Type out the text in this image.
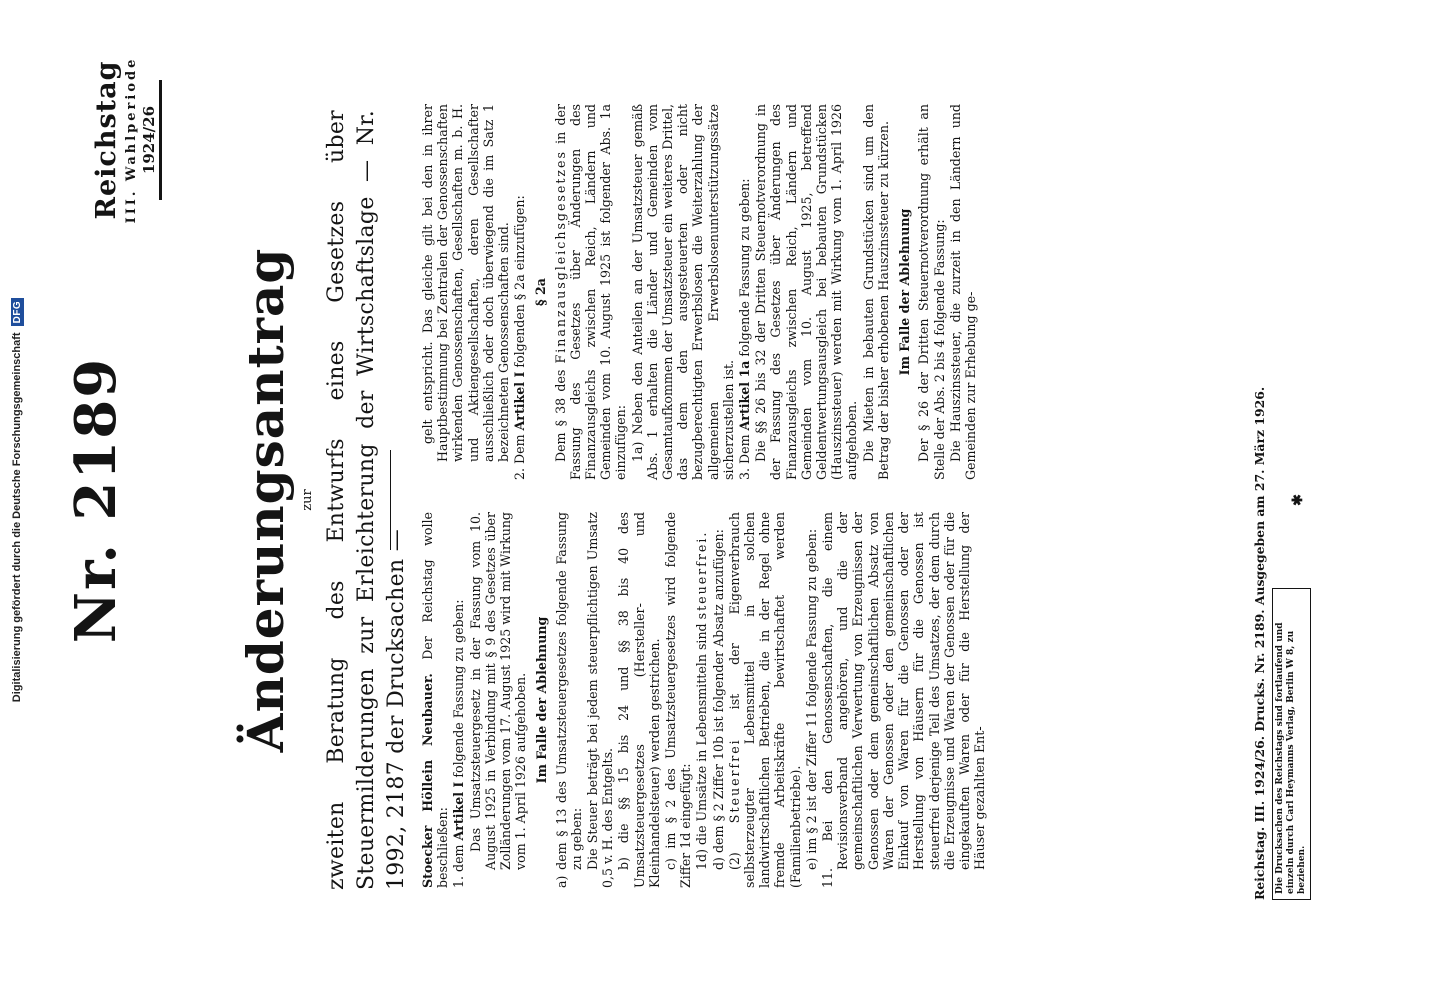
Digitalisierung gefördert durch die Deutsche Forschungsgemeinschaft
DFG
Reichstag III. Wahlperiode 1924/26
Nr. 2189 Änderungsantrag zur zweiten Beratung des Entwurfs eines Gesetzes über Steuermilderungen zur Erleichterung der Wirtschaftslage — Nr. 1992, 2187 der Drucksachen — Stoecker Höllein Neubauer. Der Reichstag wolle beschließen: 1. dem Artikel I folgende Fassung zu geben: Das Umsatzsteuergesetz in der Fassung vom 10. August 1925 in Verbindung mit § 9 des Gesetzes über Zolländerungen vom 17. August 1925 wird mit Wirkung vom 1. April 1926 aufgehoben. Im Falle der Ablehnung a) dem § 13 des Umsatzsteuergesetzes folgende Fassung zu geben: Die Steuer beträgt bei jedem steuerpflichtigen Umsatz 0,5 v. H. des Entgelts. b) die §§ 15 bis 24 und §§ 38 bis 40 des Umsatzsteuergesetzes (Hersteller- und Kleinhandelsteuer) werden gestrichen. c) im § 2 des Umsatzsteuergesetzes wird folgende Ziffer 1d eingefügt: 1d) die Umsätze in Lebensmitteln sind steuerfrei. d) dem § 2 Ziffer 10b ist folgender Absatz anzufügen: (2) Steuerfrei ist der Eigenverbrauch selbsterzeugter Lebensmittel in solchen landwirtschaftlichen Betrieben, die in der Regel ohne fremde Arbeitskräfte bewirtschaftet werden (Familienbetriebe). e) im § 2 ist der Ziffer 11 folgende Fassung zu geben: 11. Bei den Genossenschaften, die einem Revisionsverband angehören, und die der gemeinschaftlichen Verwertung von Erzeugnissen der Genossen oder dem gemeinschaftlichen Absatz von Waren der Genossen oder den gemeinschaftlichen Einkauf von Waren für die Genossen oder der Herstellung von Häusern für die Genossen ist steuerfrei derjenige Teil des Umsatzes, der dem durch die Erzeugnisse und Waren der Genossen oder für die eingekauften Waren oder für die Herstellung der Häuser gezahlten Ent-

gelt entspricht. Das gleiche gilt bei den in ihrer Hauptbestimmung bei Zentralen der Genossenschaften wirkenden Genossenschaften, Gesellschaften m. b. H. und Aktiengesellschaften, deren Gesellschafter ausschließlich oder doch überwiegend die im Satz 1 bezeichneten Genossenschaften sind. 2. Dem Artikel I folgenden § 2a einzufügen: § 2a

Dem § 38 des Finanzausgleichsgesetzes in der Fassung des Gesetzes über Änderungen des Finanzausgleichs zwischen Reich, Ländern und Gemeinden vom 10. August 1925 ist folgender Abs. 1a einzufügen: 1a) Neben den Anteilen an der Umsatzsteuer gemäß Abs. 1 erhalten die Länder und Gemeinden vom Gesamtaufkommen der Umsatzsteuer ein weiteres Drittel, das dem den ausgesteuerten oder nicht bezugberechtigten Erwerbslosen die Weiterzahlung der allgemeinen Erwerbslosenunterstützungssätze sicherzustellen ist. 3. Dem Artikel 1a folgende Fassung zu geben: Die §§ 26 bis 32 der Dritten Steuernotverordnung in der Fassung des Gesetzes über Änderungen des Finanzausgleichs zwischen Reich, Ländern und Gemeinden vom 10. August 1925, betreffend Geldentwertungsausgleich bei bebauten Grundstücken (Hauszinssteuer) werden mit Wirkung vom 1. April 1926 aufgehoben. Die Mieten in bebauten Grundstücken sind um den Betrag der bisher erhobenen Hauszinssteuer zu kürzen. Im Falle der Ablehnung Der § 26 der Dritten Steuernotverordnung erhält an Stelle der Abs. 2 bis 4 folgende Fassung: Die Hauszinssteuer, die zurzeit in den Ländern und Gemeinden zur Erhebung ge-

Reichstag. III. 1924/26. Drucks. Nr. 2189. Ausgegeben am 27. März 1926. Die Drucksachen des Reichstags sind fortlaufend und einzeln durch Carl Heymanns Verlag, Berlin W 8, zu beziehen.
✱
